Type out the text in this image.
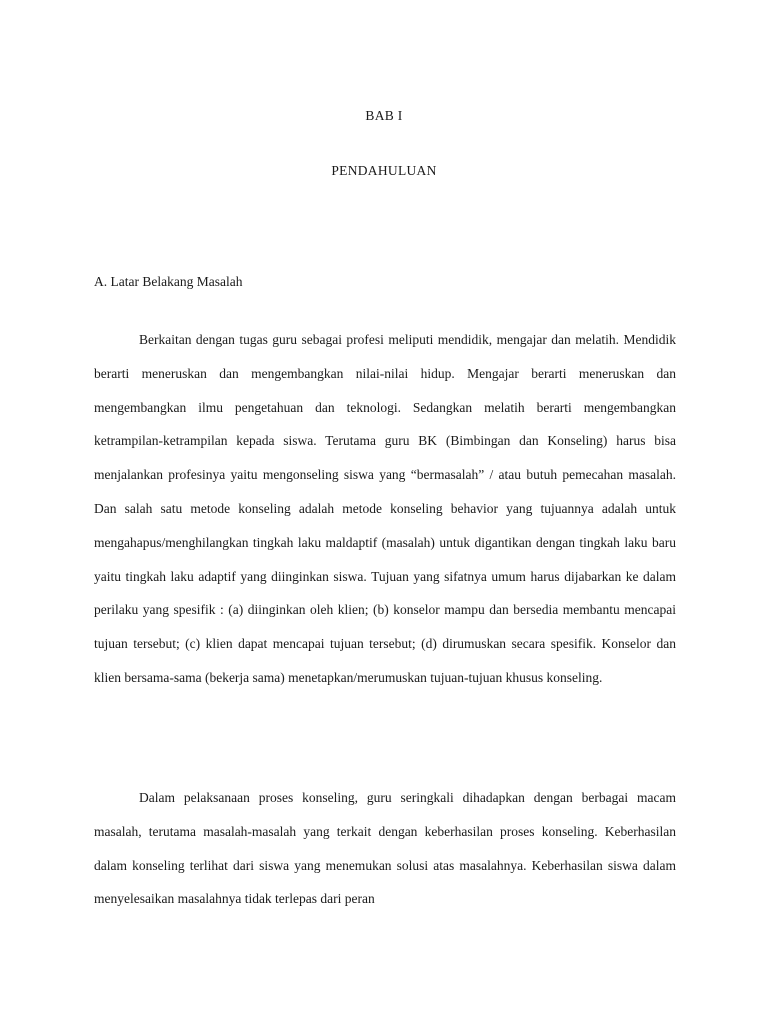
BAB I
PENDAHULUAN
A. Latar Belakang Masalah

Berkaitan dengan tugas guru sebagai profesi meliputi mendidik, mengajar dan melatih. Mendidik berarti meneruskan dan mengembangkan nilai-nilai hidup. Mengajar berarti meneruskan dan mengembangkan ilmu pengetahuan dan teknologi. Sedangkan melatih berarti mengembangkan ketrampilan-ketrampilan kepada siswa. Terutama guru BK (Bimbingan dan Konseling) harus bisa menjalankan profesinya yaitu mengonseling siswa yang “bermasalah” / atau butuh pemecahan masalah. Dan salah satu metode konseling adalah metode konseling behavior yang tujuannya adalah untuk mengahapus/menghilangkan tingkah laku maldaptif (masalah) untuk digantikan dengan tingkah laku baru yaitu tingkah laku adaptif yang diinginkan siswa. Tujuan yang sifatnya umum harus dijabarkan ke dalam perilaku yang spesifik : (a) diinginkan oleh klien; (b) konselor mampu dan bersedia membantu mencapai tujuan tersebut; (c) klien dapat mencapai tujuan tersebut; (d) dirumuskan secara spesifik. Konselor dan klien bersama-sama (bekerja sama) menetapkan/merumuskan tujuan-tujuan khusus konseling.

Dalam pelaksanaan proses konseling, guru seringkali dihadapkan dengan berbagai macam masalah, terutama masalah-masalah yang terkait dengan keberhasilan proses konseling. Keberhasilan dalam konseling terlihat dari siswa yang menemukan solusi atas masalahnya. Keberhasilan siswa dalam menyelesaikan masalahnya tidak terlepas dari peran
